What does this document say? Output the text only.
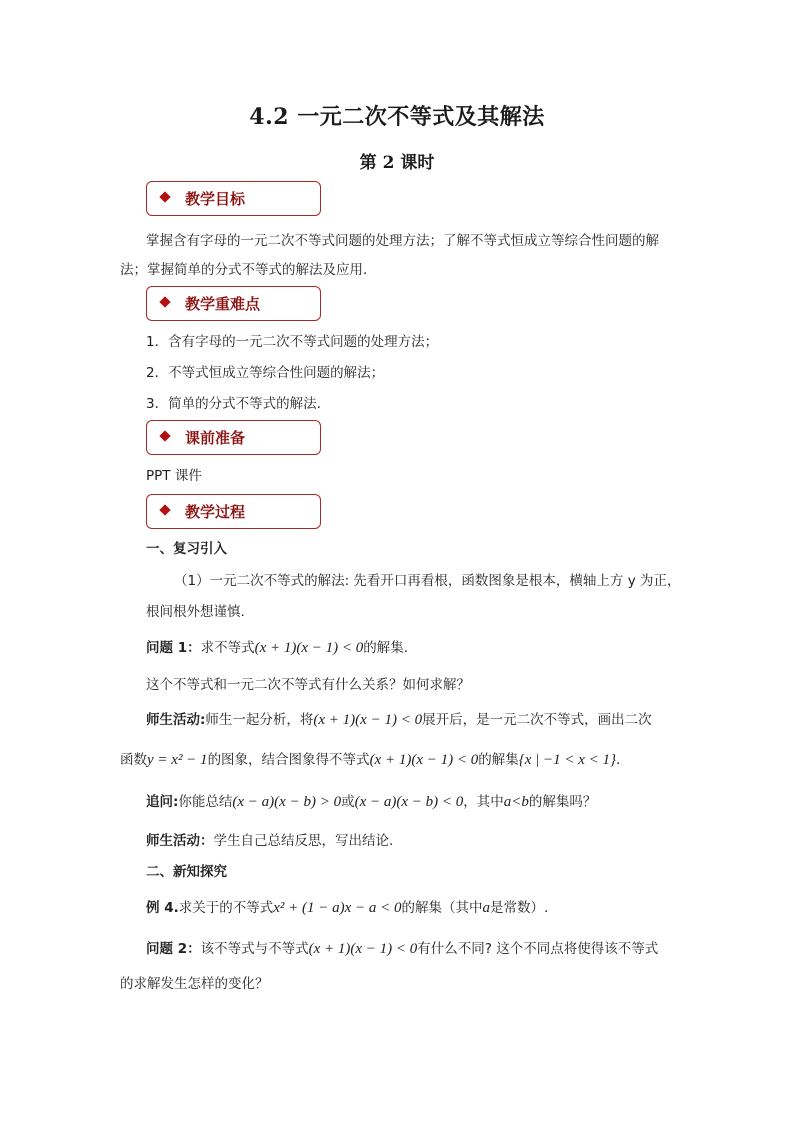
4.2 一元二次不等式及其解法
第 2 课时
教学目标
掌握含有字母的一元二次不等式问题的处理方法；了解不等式恒成立等综合性问题的解
法；掌握简单的分式不等式的解法及应用.
教学重难点
1．含有字母的一元二次不等式问题的处理方法；
2．不等式恒成立等综合性问题的解法；
3．简单的分式不等式的解法.
课前准备
PPT 课件
教学过程
一、复习引入
（1）一元二次不等式的解法: 先看开口再看根，函数图象是根本，横轴上方 y 为正，
根间根外想谨慎.
问题 1：求不等式(x + 1)(x − 1) < 0的解集.
这个不等式和一元二次不等式有什么关系？如何求解？
师生活动:师生一起分析，将(x + 1)(x − 1) < 0展开后，是一元二次不等式，画出二次
函数y = x² − 1的图象，结合图象得不等式(x + 1)(x − 1) < 0的解集{x | −1 < x < 1}.
追问:你能总结(x − a)(x − b) > 0或(x − a)(x − b) < 0，其中a<b的解集吗？
师生活动：学生自己总结反思，写出结论.
二、新知探究
例 4.求关于的不等式x² + (1 − a)x − a < 0的解集（其中a是常数）.
问题 2：该不等式与不等式(x + 1)(x − 1) < 0有什么不同? 这个不同点将使得该不等式
的求解发生怎样的变化？
